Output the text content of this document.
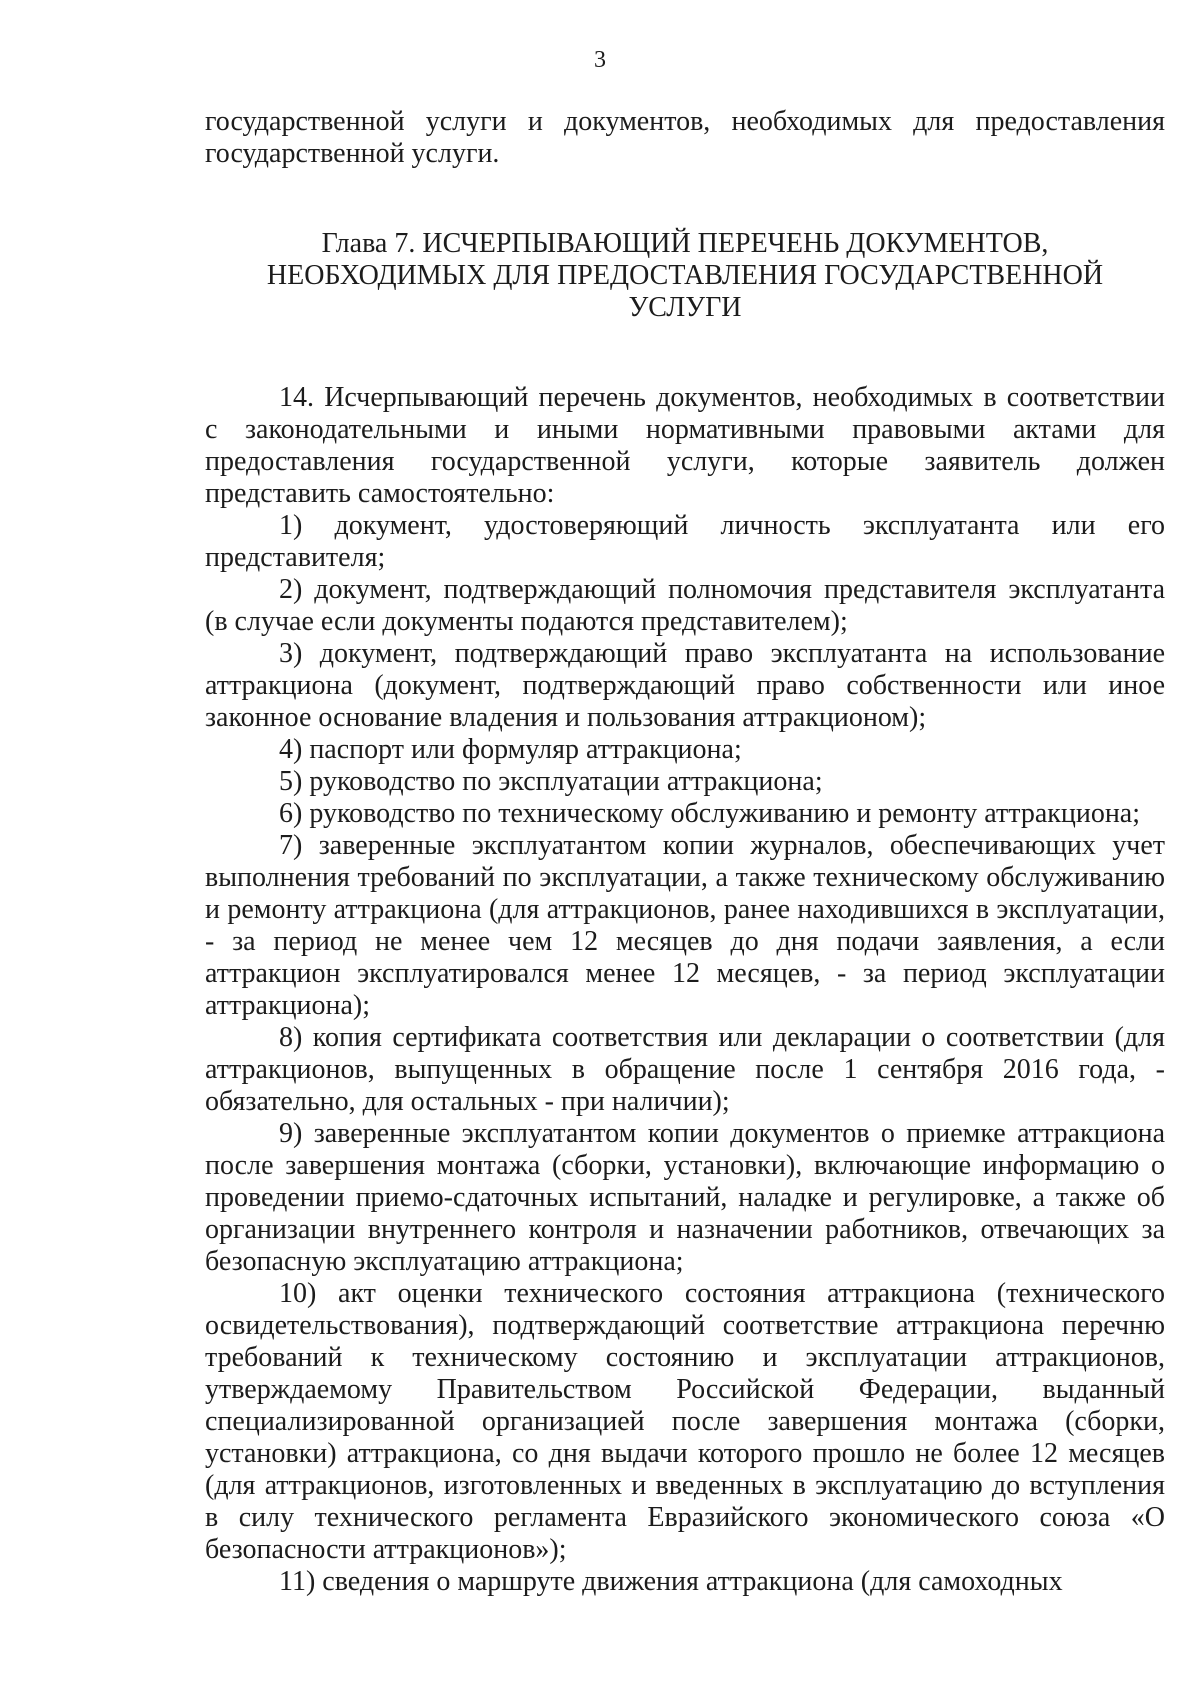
3

государственной услуги и документов, необходимых для предоставления государственной услуги.

Глава 7. ИСЧЕРПЫВАЮЩИЙ ПЕРЕЧЕНЬ ДОКУМЕНТОВ,
НЕОБХОДИМЫХ ДЛЯ ПРЕДОСТАВЛЕНИЯ ГОСУДАРСТВЕННОЙ
УСЛУГИ

14. Исчерпывающий перечень документов, необходимых в соответствии с законодательными и иными нормативными правовыми актами для предоставления государственной услуги, которые заявитель должен представить самостоятельно:

1) документ, удостоверяющий личность эксплуатанта или его представителя;

2) документ, подтверждающий полномочия представителя эксплуатанта (в случае если документы подаются представителем);

3) документ, подтверждающий право эксплуатанта на использование аттракциона (документ, подтверждающий право собственности или иное законное основание владения и пользования аттракционом);

4) паспорт или формуляр аттракциона;

5) руководство по эксплуатации аттракциона;

6) руководство по техническому обслуживанию и ремонту аттракциона;

7) заверенные эксплуатантом копии журналов, обеспечивающих учет выполнения требований по эксплуатации, а также техническому обслуживанию и ремонту аттракциона (для аттракционов, ранее находившихся в эксплуатации, - за период не менее чем 12 месяцев до дня подачи заявления, а если аттракцион эксплуатировался менее 12 месяцев, - за период эксплуатации аттракциона);

8) копия сертификата соответствия или декларации о соответствии (для аттракционов, выпущенных в обращение после 1 сентября 2016 года, - обязательно, для остальных - при наличии);

9) заверенные эксплуатантом копии документов о приемке аттракциона после завершения монтажа (сборки, установки), включающие информацию о проведении приемо-сдаточных испытаний, наладке и регулировке, а также об организации внутреннего контроля и назначении работников, отвечающих за безопасную эксплуатацию аттракциона;

10) акт оценки технического состояния аттракциона (технического освидетельствования), подтверждающий соответствие аттракциона перечню требований к техническому состоянию и эксплуатации аттракционов, утверждаемому Правительством Российской Федерации, выданный специализированной организацией после завершения монтажа (сборки, установки) аттракциона, со дня выдачи которого прошло не более 12 месяцев (для аттракционов, изготовленных и введенных в эксплуатацию до вступления в силу технического регламента Евразийского экономического союза «О безопасности аттракционов»);

11) сведения о маршруте движения аттракциона (для самоходных
